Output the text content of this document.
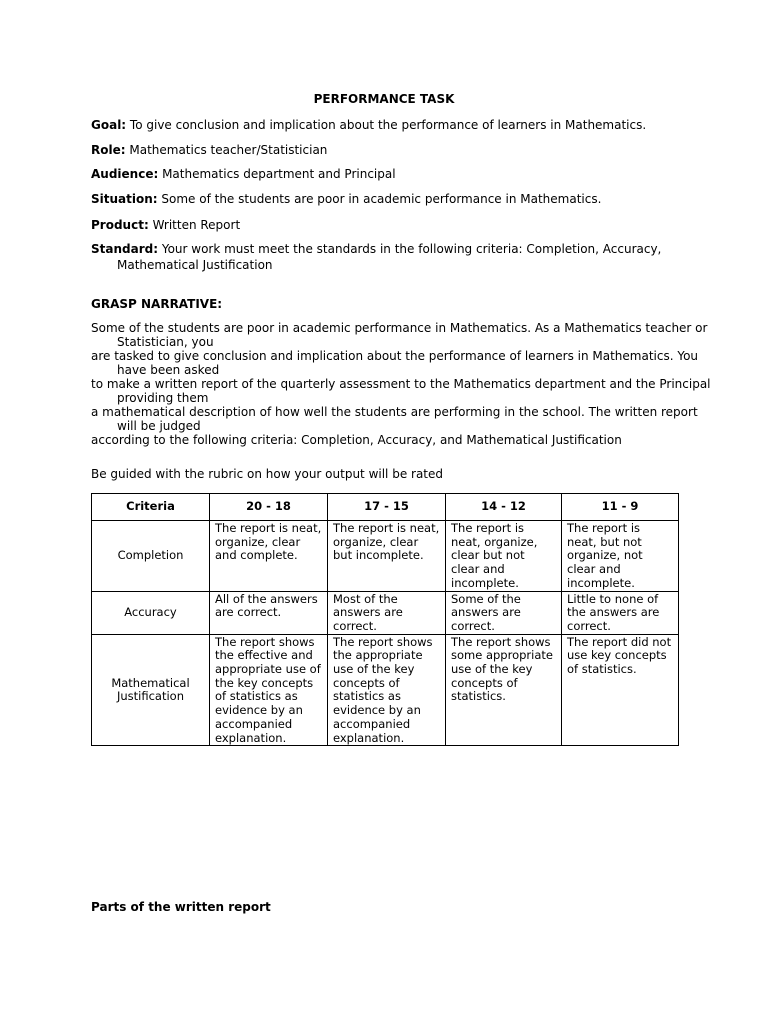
PERFORMANCE TASK
Goal: To give conclusion and implication about the performance of learners in Mathematics.
Role: Mathematics teacher/Statistician
Audience: Mathematics department and Principal
Situation: Some of the students are poor in academic performance in Mathematics.
Product: Written Report
Standard: Your work must meet the standards in the following criteria: Completion, Accuracy,
Mathematical Justification
GRASP NARRATIVE:
Some of the students are poor in academic performance in Mathematics. As a Mathematics teacher or
Statistician, you
are tasked to give conclusion and implication about the performance of learners in Mathematics. You
have been asked
to make a written report of the quarterly assessment to the Mathematics department and the Principal
providing them
a mathematical description of how well the students are performing in the school. The written report
will be judged
according to the following criteria: Completion, Accuracy, and Mathematical Justification
Be guided with the rubric on how your output will be rated
Criteria	20 - 18	17 - 15	14 - 12	11 - 9
Completion	The report is neat, organize, clear and complete.	The report is neat, organize, clear but incomplete.	The report is neat, organize, clear but not clear and incomplete.	The report is neat, but not organize, not clear and incomplete.
Accuracy	All of the answers are correct.	Most of the answers are correct.	Some of the answers are correct.	Little to none of the answers are correct.
Mathematical Justification	The report shows the effective and appropriate use of the key concepts of statistics as evidence by an accompanied explanation.	The report shows the appropriate use of the key concepts of statistics as evidence by an accompanied explanation.	The report shows some appropriate use of the key concepts of statistics.	The report did not use key concepts of statistics.
Parts of the written report
